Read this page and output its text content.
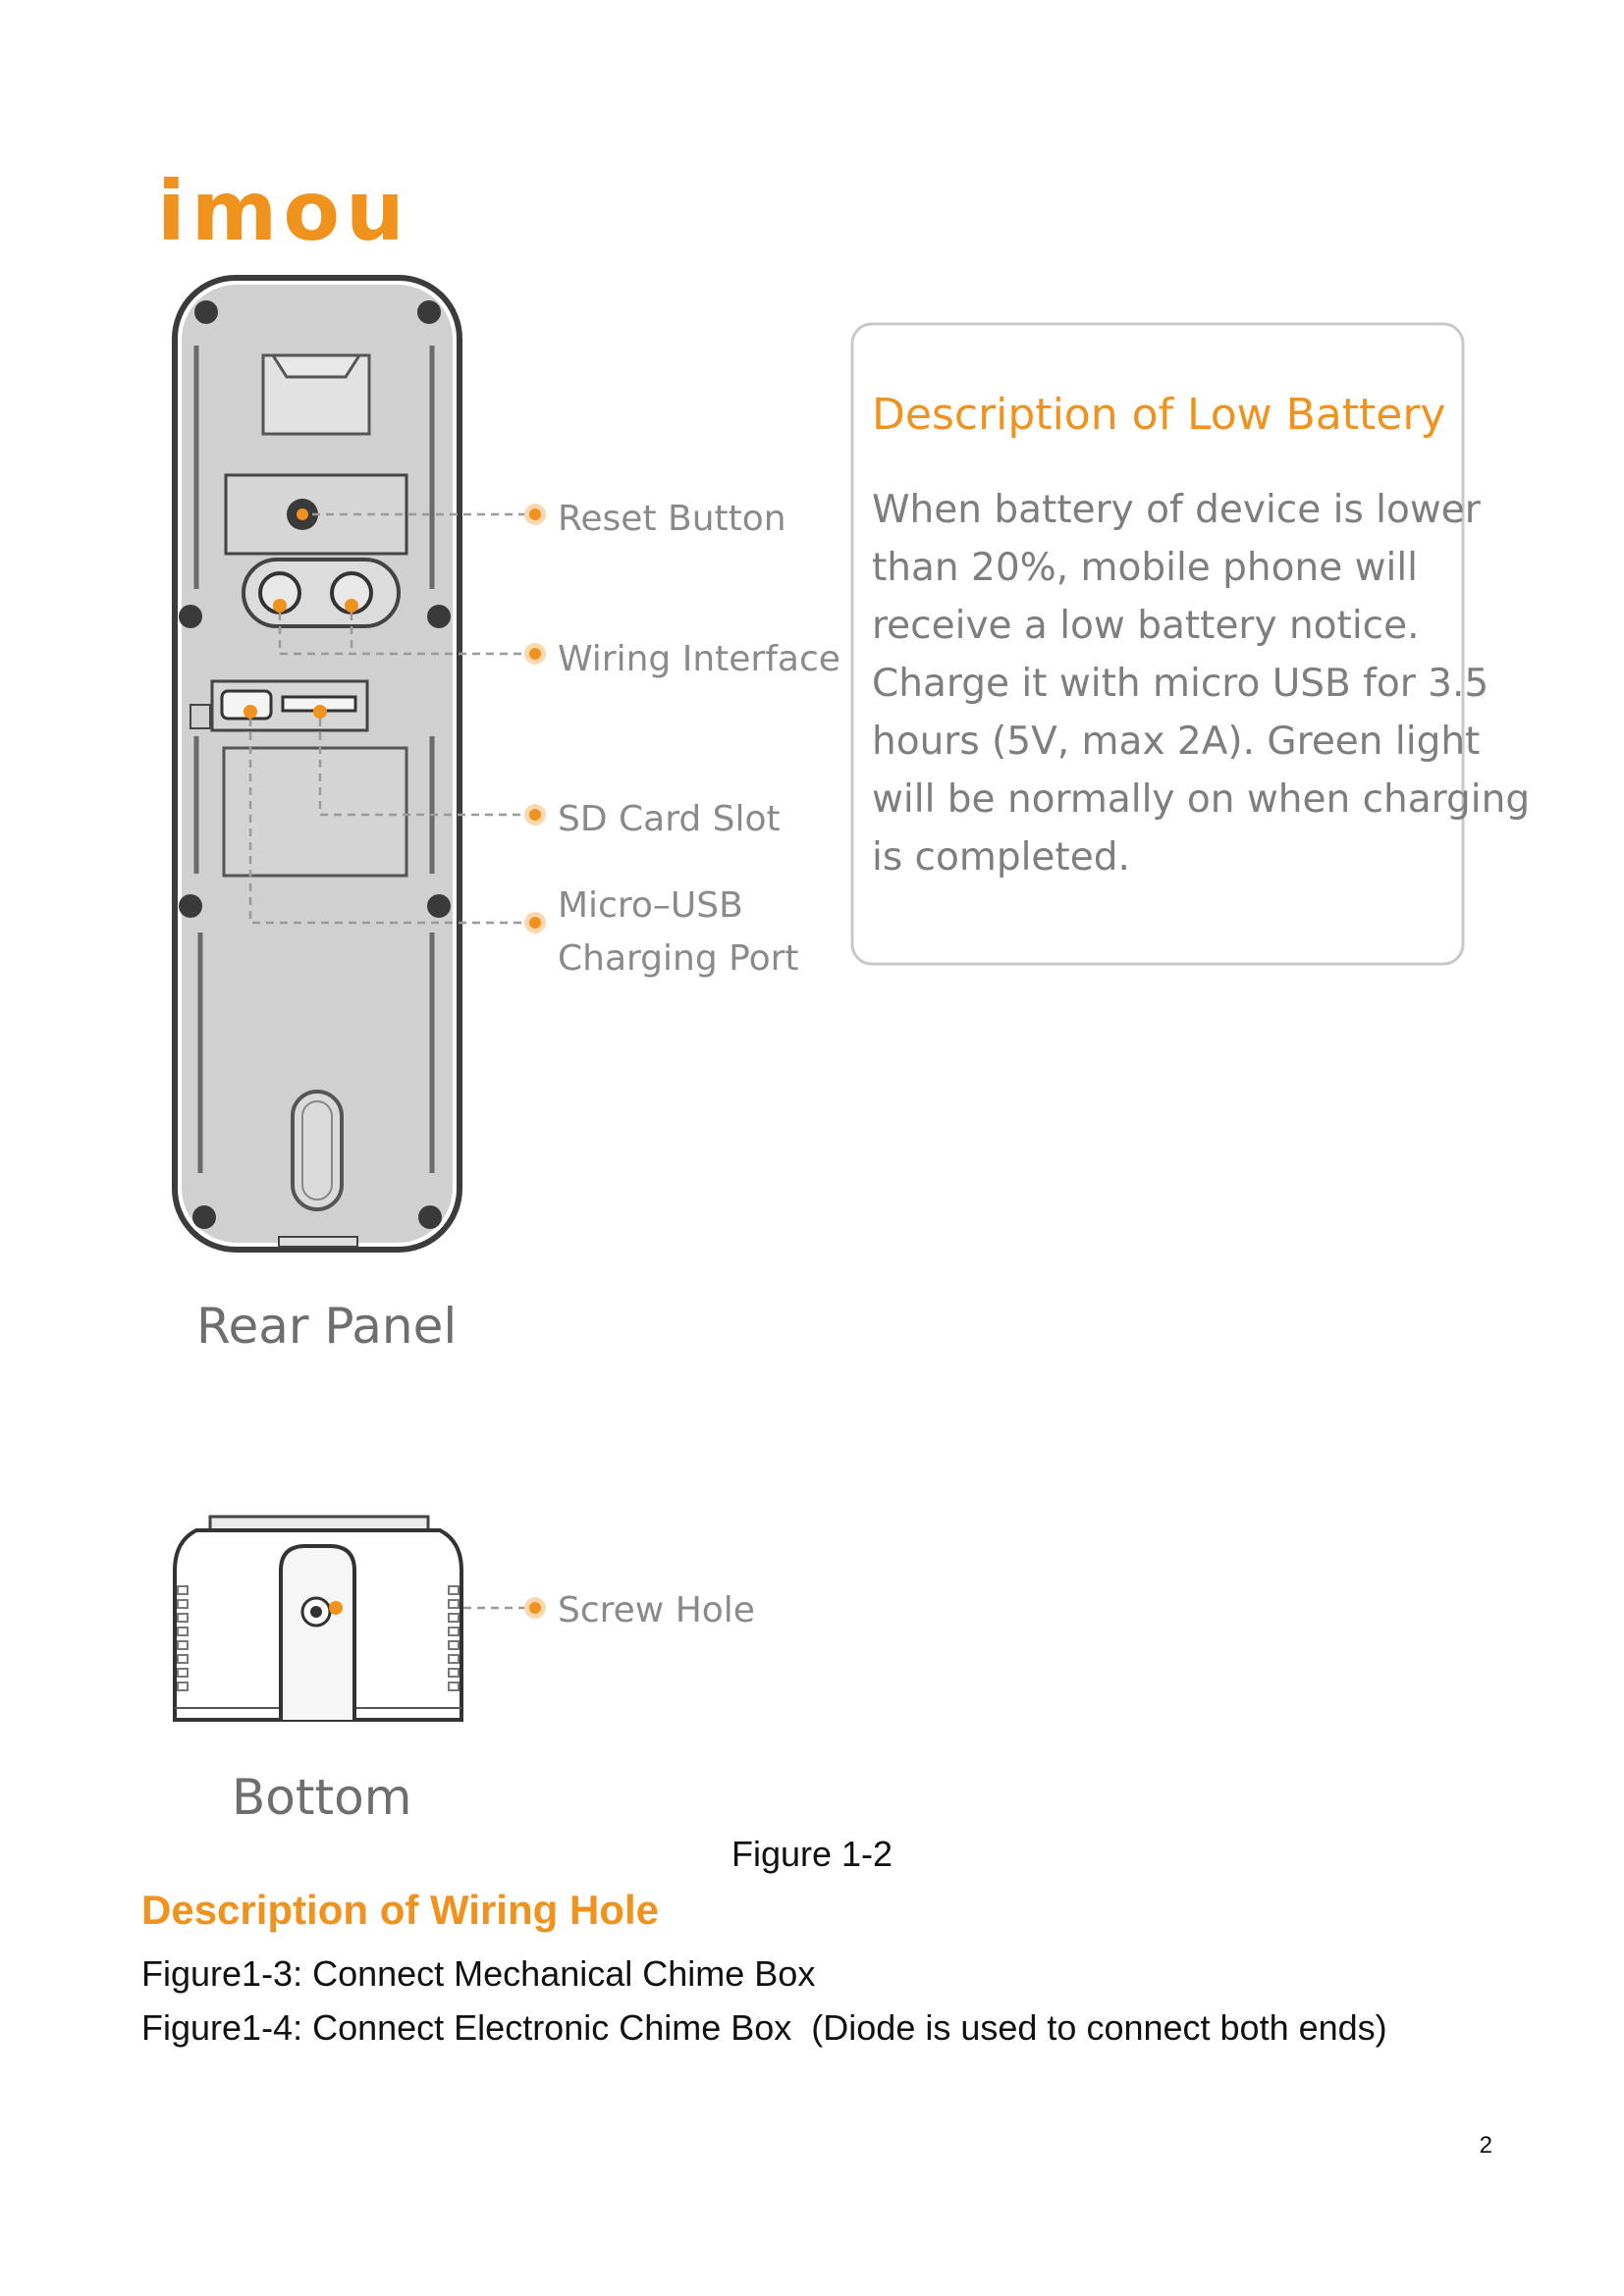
imou
Reset Button
Wiring Interface
SD Card Slot
Micro–USB
Charging Port
Screw Hole
Rear Panel
Description of Low Battery
When battery of device is lower
than 20%, mobile phone will
receive a low battery notice.
Charge it with micro USB for 3.5
hours (5V, max 2A). Green light
will be normally on when charging
is completed.
Bottom
Figure 1-2
Description of Wiring Hole
Figure1-3: Connect Mechanical Chime Box
Figure1-4: Connect Electronic Chime Box  (Diode is used to connect both ends)
2
